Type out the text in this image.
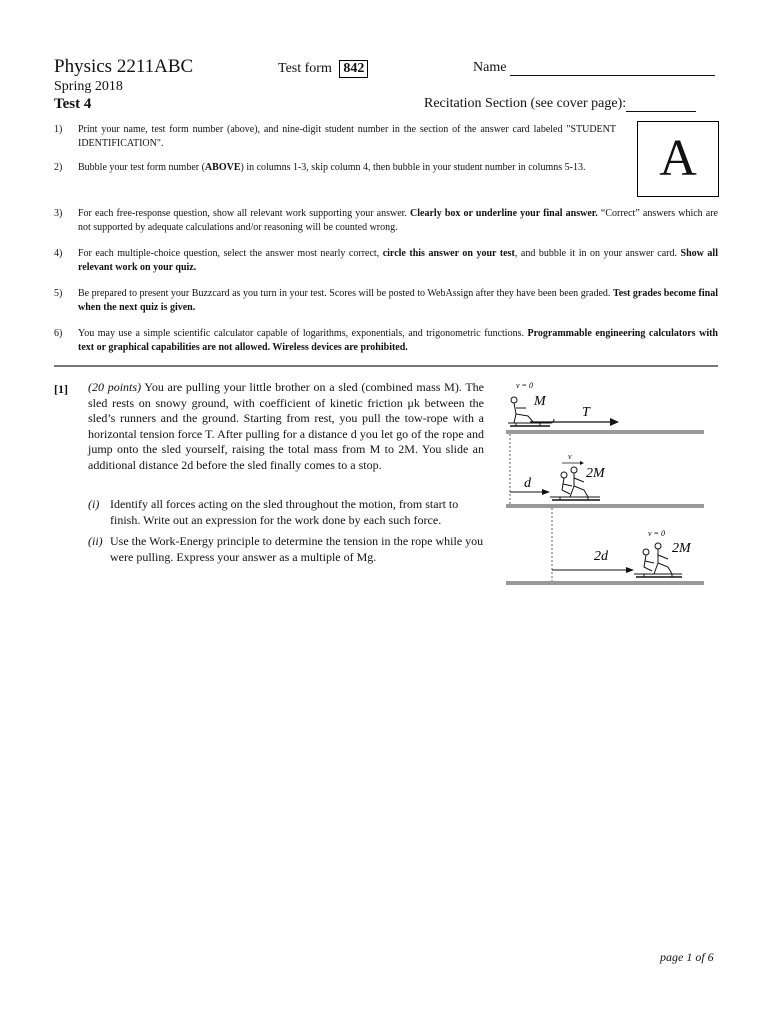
Physics 2211ABC
Spring 2018
Test 4
Test form 842	Name
Recitation Section (see cover page):
A
1)	Print your name, test form number (above), and nine-digit student number in the section of the answer card labeled "STUDENT IDENTIFICATION".
2)	Bubble your test form number (ABOVE) in columns 1-3, skip column 4, then bubble in your student number in columns 5-13.
3)	For each free-response question, show all relevant work supporting your answer. Clearly box or underline your final answer. “Correct” answers which are not supported by adequate calculations and/or reasoning will be counted wrong.
4)	For each multiple-choice question, select the answer most nearly correct, circle this answer on your test, and bubble it in on your answer card. Show all relevant work on your quiz.
5)	Be prepared to present your Buzzcard as you turn in your test. Scores will be posted to WebAssign after they have been been graded. Test grades become final when the next quiz is given.
6)	You may use a simple scientific calculator capable of logarithms, exponentials, and trigonometric functions. Programmable engineering calculators with text or graphical capabilities are not allowed. Wireless devices are prohibited.
[1] (20 points) You are pulling your little brother on a sled (combined mass M). The sled rests on snowy ground, with coefficient of kinetic friction μk between the sled’s runners and the ground. Starting from rest, you pull the tow-rope with a horizontal tension force T. After pulling for a distance d you let go of the rope and jump onto the sled yourself, raising the total mass from M to 2M. You slide an additional distance 2d before the sled finally comes to a stop.
(i) Identify all forces acting on the sled throughout the motion, from start to finish. Write out an expression for the work done by each such force.
(ii) Use the Work-Energy principle to determine the tension in the rope while you were pulling. Express your answer as a multiple of Mg.
v = 0
M
T
v
2M
d
v = 0
2M
2d
page 1 of 6
